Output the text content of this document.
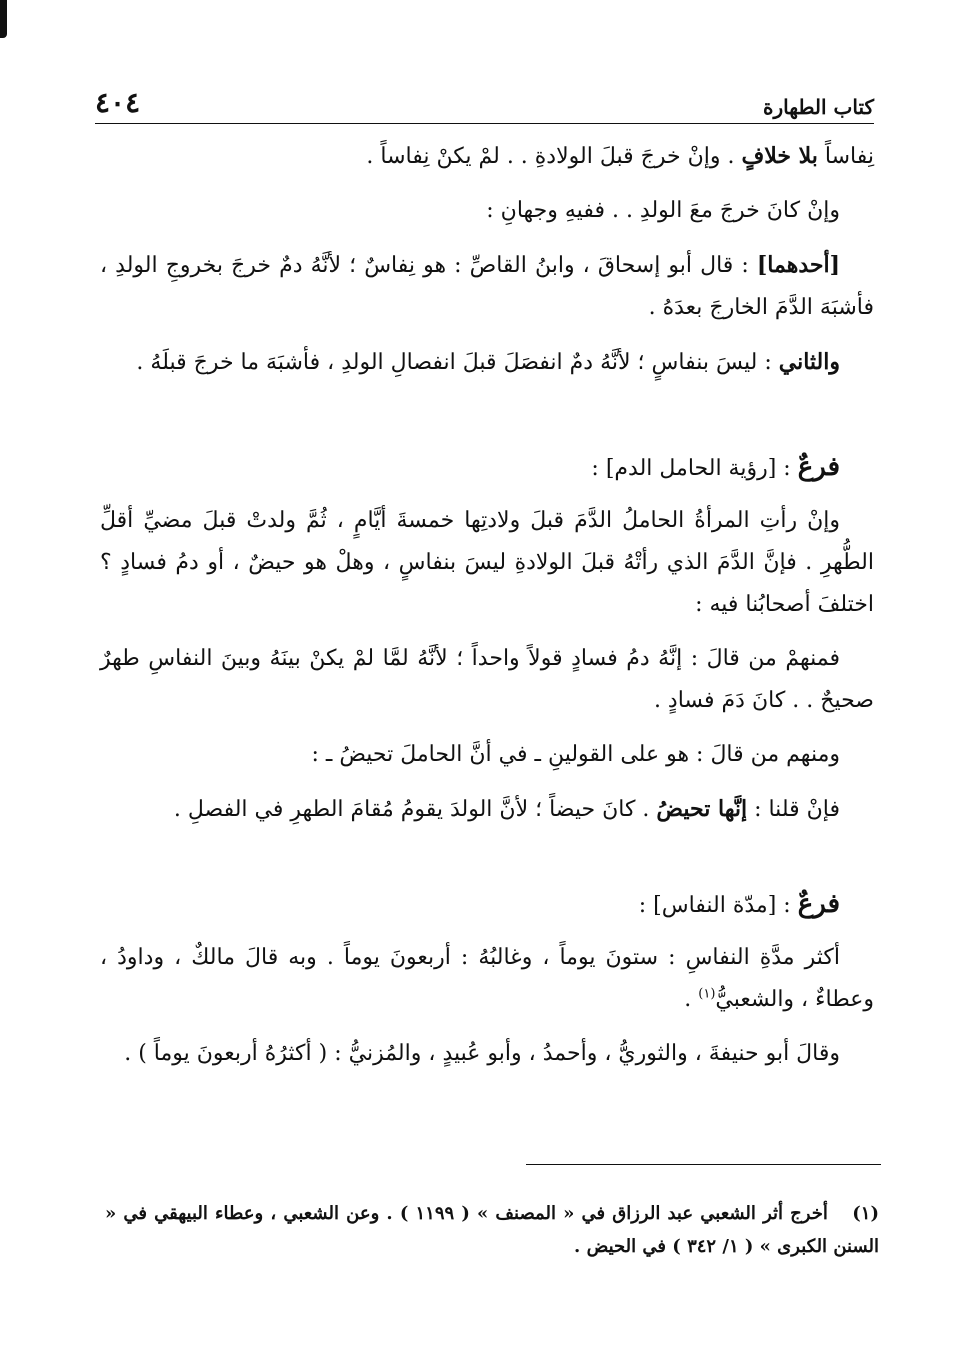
كتاب الطهارة
٤٠٤

نِفاساً بلا خلافٍ . وإنْ خرجَ قبلَ الولادةِ . . لمْ يكنْ نِفاساً .

وإنْ كانَ خرجَ معَ الولدِ . . ففيهِ وجهانِ :

[أحدهما] : قال أبو إسحاقَ ، وابنُ القاصِّ : هو نِفاسٌ ؛ لأنَّهُ دمٌ خرجَ بخروجِ الولدِ ، فأشبَهَ الدَّمَ الخارجَ بعدَهُ .

والثاني : ليسَ بنفاسٍ ؛ لأنَّهُ دمٌ انفصَلَ قبلَ انفصالِ الولدِ ، فأشبَهَ ما خرجَ قبلَهُ .

فرعٌ : [رؤية الحامل الدم] :

وإنْ رأتِ المرأةُ الحاملُ الدَّمَ قبلَ ولادتِها خمسةَ أيَّامٍ ، ثُمَّ ولدتْ قبلَ مضيِّ أقلِّ الطُّهرِ . فإنَّ الدَّمَ الذي رأتْهُ قبلَ الولادةِ ليسَ بنفاسٍ ، وهلْ هو حيضٌ ، أو دمُ فسادٍ ؟ اختلفَ أصحابُنا فيه :

فمنهمْ من قالَ : إنَّهُ دمُ فسادٍ قولاً واحداً ؛ لأنَّهُ لمَّا لمْ يكنْ بينَهُ وبينَ النفاسِ طهرٌ صحيحٌ . . كانَ دَمَ فسادٍ .

ومنهم من قالَ : هو على القولينِ ـ في أنَّ الحاملَ تحيضُ ـ :

فإنْ قلنا : إنَّها تحيضُ . كانَ حيضاً ؛ لأنَّ الولدَ يقومُ مُقامَ الطهرِ في الفصلِ .

فرعٌ : [مدّة النفاس] :

أكثر مدَّةِ النفاسِ : ستونَ يوماً ، وغالبُهُ : أربعونَ يوماً . وبه قالَ مالكٌ ، وداودُ ، وعطاءٌ ، والشعبيُّ$^{(١)}$ .

وقالَ أبو حنيفةَ ، والثوريُّ ، وأحمدُ ، وأبو عُبيدٍ ، والمُزنيُّ : ( أكثرُهُ أربعونَ يوماً ) .

(١) أخرج أثر الشعبي عبد الرزاق في « المصنف » ( ١١٩٩ ) . وعن الشعبي ، وعطاء البيهقي في « السنن الكبرى » ( ١/ ٣٤٢ ) في الحيض .
